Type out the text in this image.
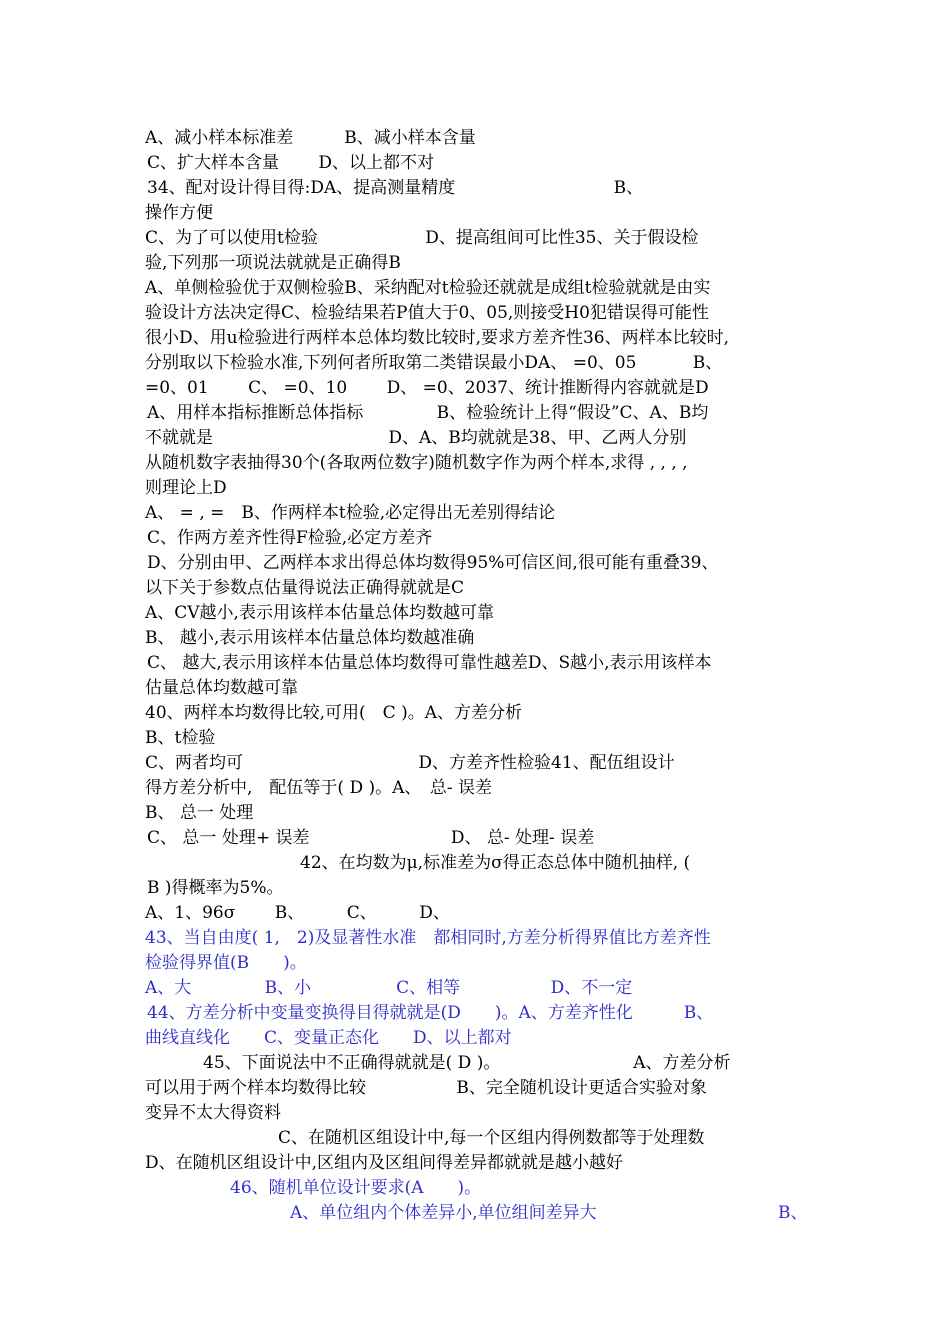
A、减小样本标准差　　　B、减小样本含量
C、扩大样本含量　　 D、以上都不对
34、配对设计得目得:DA、提高测量精度　　　　　　　　　 B、
操作方便
C、为了可以使用t检验　　　　　　 D、提高组间可比性35、关于假设检
验,下列那一项说法就就是正确得B
A、单侧检验优于双侧检验B、采纳配对t检验还就就是成组t检验就就是由实
验设计方法决定得C、检验结果若P值大于0、05,则接受H0犯错误得可能性
很小D、用u检验进行两样本总体均数比较时,要求方差齐性36、两样本比较时,
分别取以下检验水准,下列何者所取第二类错误最小DA、 =0、05　　　 B、
=0、01　　 C、 =0、10　　 D、 =0、2037、统计推断得内容就就是D
A、用样本指标推断总体指标　　　　 B、检验统计上得“假设”C、A、B均
不就就是　　　　　　　　　　 D、A、B均就就是38、甲、乙两人分别
从随机数字表抽得30个(各取两位数字)随机数字作为两个样本,求得 , , , ,
则理论上D
A、 = , =　B、作两样本t检验,必定得出无差别得结论
C、作两方差齐性得F检验,必定方差齐
D、分别由甲、乙两样本求出得总体均数得95%可信区间,很可能有重叠39、
以下关于参数点估量得说法正确得就就是C
A、CV越小,表示用该样本估量总体均数越可靠
B、 越小,表示用该样本估量总体均数越准确
C、 越大,表示用该样本估量总体均数得可靠性越差D、S越小,表示用该样本
估量总体均数越可靠
40、两样本均数得比较,可用(　C )。A、方差分析
B、t检验
C、两者均可　　　　　　　　　　 D、方差齐性检验41、配伍组设计
得方差分析中,　配伍等于( D )。A、　总- 误差
B、 总一 处理
C、 总一 处理+ 误差　　　　　　　　 D、 总- 处理- 误差
42、在均数为μ,标准差为σ得正态总体中随机抽样, (
B )得概率为5%。
A、1、96σ　　 B、　　　C、　　　D、
43、当自由度( 1,　2)及显著性水准　都相同时,方差分析得界值比方差齐性
检验得界值(B　　)。
A、大　　　　 B、小　　　　　C、相等　　　　　 D、不一定
44、方差分析中变量变换得目得就就是(D　　)。A、方差齐性化　　　B、
曲线直线化　　C、变量正态化　　D、以上都对
45、下面说法中不正确得就就是( D )。　　　　　　　　 A、方差分析
可以用于两个样本均数得比较　　　　　 B、完全随机设计更适合实验对象
变异不太大得资料
C、在随机区组设计中,每一个区组内得例数都等于处理数
D、在随机区组设计中,区组内及区组间得差异都就就是越小越好
46、随机单位设计要求(A　　)。
A、单位组内个体差异小,单位组间差异大	B、
